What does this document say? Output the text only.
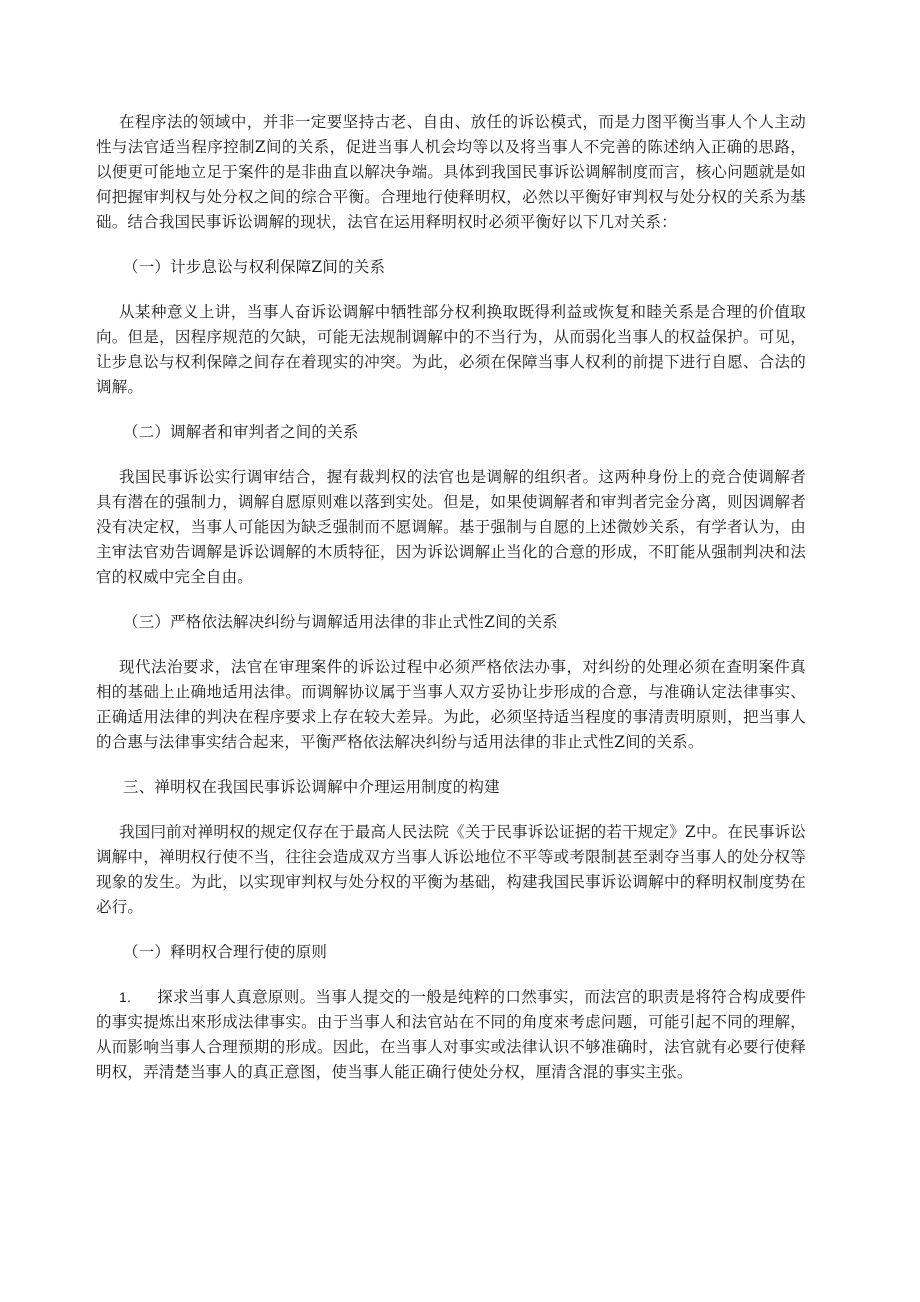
在程序法的领域中，并非一定要坚持古老、自由、放任的诉讼模式，而是力图平衡当事人个人主动性与法官适当程序控制Z间的关系，促进当事人机会均等以及将当事人不完善的陈述纳入正确的思路，以便更可能地立足于案件的是非曲直以解决争端。具体到我国民事诉讼调解制度而言，核心问题就是如何把握审判权与处分权之间的综合平衡。合理地行使释明权，必然以平衡好审判权与处分权的关系为基础。结合我国民事诉讼调解的现状，法官在运用释明权时必须平衡好以下几对关系：

（一）计步息讼与权利保障Z间的关系

从某种意义上讲，当事人奋诉讼调解中牺牲部分权利换取既得利益或恢复和睦关系是合理的价值取向。但是，因程序规范的欠缺，可能无法规制调解中的不当行为，从而弱化当事人的权益保护。可见，让步息讼与权利保障之间存在着现实的冲突。为此，必须在保障当事人权利的前提下进行自愿、合法的调解。

（二）调解者和审判者之间的关系

我国民事诉讼实行调审结合，握有裁判权的法官也是调解的组织者。这两种身份上的竞合使调解者具有潜在的强制力，调解自愿原则难以落到实处。但是，如果使调解者和审判者完金分离，则因调解者没有决定权，当事人可能因为缺乏强制而不愿调解。基于强制与自愿的上述微妙关系，有学者认为，由主审法官劝告调解是诉讼调解的木质特征，因为诉讼调解止当化的合意的形成，不盯能从强制判决和法官的权威中完全自由。

（三）严格依法解决纠纷与调解适用法律的非止式性Z间的关系

现代法治要求，法官在审理案件的诉讼过程中必须严格依法办事，对纠纷的处理必须在查明案件真相的基础上止确地适用法律。而调解协议属于当事人双方妥协让步形成的合意，与准确认定法律事实、正确适用法律的判决在程序要求上存在较大差异。为此，必须坚持适当程度的事清责明原则，把当事人的合惠与法律事实结合起来，平衡严格依法解决纠纷与适用法律的非止式性Z间的关系。

三、禅明权在我国民事诉讼调解中介理运用制度的构建

我国冃前对禅明权的规定仅存在于最高人民法院《关于民事诉讼证据的若干规定》Z中。在民事诉讼调解中，禅明权行使不当，往往会造成双方当事人诉讼地位不平等或考限制甚至剥夺当事人的处分权等现象的发生。为此，以实现审判权与处分权的平衡为基础，构建我国民事诉讼调解中的释明权制度势在必行。

（一）释明权合理行使的原则

1. 探求当事人真意原则。当事人提交的一般是纯粹的口然事实，而法宫的职责是将符合构成要件的事实提炼出來形成法律事实。由于当事人和法官站在不同的角度來考虑问题，可能引起不同的理解，从而影响当事人合理预期的形成。因此，在当事人对事实或法律认识不够准确时，法官就有必要行使释明权，弄清楚当事人的真正意图，使当事人能正确行使处分权，厘清含混的事实主张。
